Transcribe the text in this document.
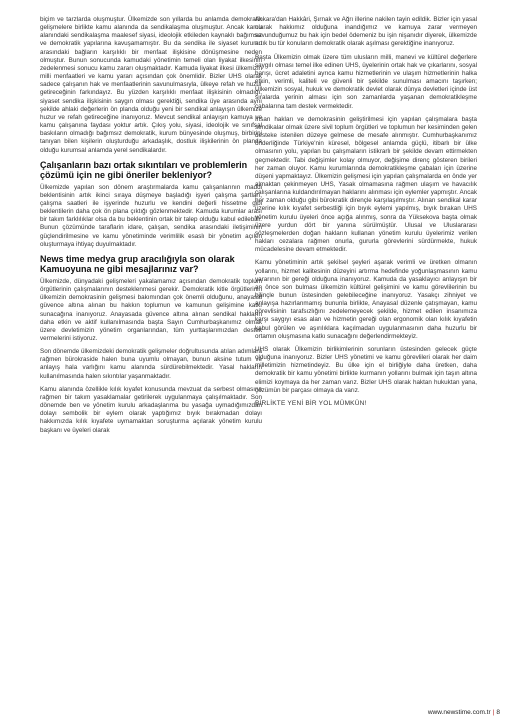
biçim ve tarzlarda oluşmuştur. Ülkemizde son yıllarda bu anlamda demokratik gelişmelere birlikte kamu alanında da sendikalaşma oluşmuştur. Ancak kamu alanındaki sendikalaşma maalesef siyasi, ideolojik etkileden kaynaklı bağımsız ve demokratik yapılarına kavuşamamıştır. Bu da sendika ile siyaset kurumu arasındaki bağların karşılıklı bir menfaat ilişkisine dönüşmesine neden olmuştur. Bunun sonucunda kamudaki yönetimin temeli olan liyakat ilkesinin zedelenmesi sonucu kamu zararı oluşmaktadır. Kamuda liyakat ilkesi ülkemizin milli menfaatleri ve kamu yararı açısından çok önemlidir. Bizler UHS olarak sadece çalışanın hak ve menfaatlerinin savunulmasıyla, ülkeye refah ve huzur getireceğinin farkındayız. Bu yüzden karşılıklı menfaat ilişkisinin olmadığı, siyaset sendika ilişkisinin saygın olması gerektiği, sendika üye arasında aynı şekilde ahlaki değerlerin ön planda olduğu yeni bir sendikal anlayışın ülkemize huzur ve refah getireceğine inanıyoruz. Mevcut sendikal anlayışın kamuya ve kamu çalışanına faydası yoktur artık. Çıkış yolu, siyasi, ideolojik ve sınıfsal baskıların olmadığı bağımsız demokratik, kurum bünyesinde oluşmuş, birbirini tanıyan bilen kişilerin oluşturduğu arkadaşlık, dostluk ilişkilerinin ön planda olduğu kurumsal anlamda yerel sendikalardır.

Çalışanların bazı ortak sıkıntıları ve problemlerin çözümü için ne gibi öneriler bekleniyor?

Ülkemizde yapılan son dönem araştırmalarda kamu çalışanlarının maddi beklentisinin artık ikinci sıraya düşmeye başladığı işyeri çalışma şartları, çalışma saatleri ile işyerinde huzurlu ve kendini değerli hissetme gibi beklentilerin daha çok ön plana çıktığı gözlenmektedir. Kamuda kurumlar arası bir takım farklılıklar olsa da bu beklentinin ortak bir talep olduğu kabul edilebilir. Bunun çözümünde taraflarin idare, çalışan, sendika arasındaki iletişiminin güçlendirilmesine ve kamu yönetiminde verimlilik esaslı bir yönetim açılen oluşturmaya ihtiyaç duyulmaktadır.

News time medya grup aracılığıyla son olarak Kamuoyuna ne gibi mesajlarınız var?

Ülkemizde, dünyadaki gelişmeleri yakalamamız açısından demokratik toplum örgütlerinin çalışmalarının desteklenmesi gerekir. Demokratik kitle örgütlerinin ülkemizin demokrasinin gelişmesi bakımından çok önemli olduğunu, anayasal güvence altına alınan bu hakkın toplumun ve kamunun gelişimine katkı sunacağına inanıyoruz. Anayasada güvence altına alınan sendikal hakların daha etkin ve aktif kullanılmasında başta Sayın Cumhurbaşkanımız olmak üzere devletimizin yönetim organlarından, tüm yurttaşlarımızdan destek vermelerini istiyoruz.

Son dönemde ülkemizdeki demokratik gelişmeler doğrultusunda atılan adımlara rağmen bürokraside halen buna uyumlu olmayan, bunun aksine tutum ve anlayış hala varlığını kamu alanında sürdürebilmektedir. Yasal hakların kullanılmasında halen sıkıntılar yaşanmaktadır.

Kamu alanında özellikle kılık kıyafet konusunda mevzuat da serbest olmasına rağmen bir takım yasaklamalar getirilerek uygulanmaya çalışılmaktadır. Son dönemde ben ve yönetim kurulu arkadaşlarıma bu yasağa uymadığımızdan dolayı sembolik bir eylem olarak yaptığımız bıyık bırakmadan dolayı hakkımızda kılık kıyafete uymamaktan soruşturma açılarak yönetim kurulu başkanı ve üyeleri olarak

Ankara'dan Hakkâri, Şırnak ve Ağrı illerine nakilen tayin edildik. Bizler için yasal olarak hakkımız olduğuna inandığımız ve kamuya zarar vermeyen savunduğumuz bu hak için bedel ödemeniz bu işin nişanıdır diyerek, ülkemizde artık bu tür konuların demokratik olarak aşılması gerektiğine inanıyoruz.

Başta Ülkemizin olmak üzere tüm ulusların milli, manevi ve kültürel değerlere saygılı olması temel ilke edinen UHS, üyelerinin ortak hak ve çıkarlarını, sosyal barışı, ücret adaletini ayrıca kamu hizmetlerinin ve ulaşım hizmetlerinin halka etkin, verimli, kaliteli ve güvenli bir şekilde sunulması amacını taşırken; Ülkemizin sosyal, hukuk ve demokratik devlet olarak dünya devletleri içinde üst sıralarda yerinin alması için son zamanlarda yaşanan demokratikleşme çabalarına tam destek vermektedir.

İnsan hakları ve demokrasinin geliştirilmesi için yapılan çalışmalara başta sendikalar olmak üzere sivil toplum örgütleri ve toplumun her kesiminden gelen desteke istenilen düzeye gelmese de mesafe alınmıştır. Cumhurbaşkanımız önderliğinde Türkiye'nin küresel, bölgesel anlamda güçlü, itibarlı bir ülke olmasının yolu, yapılan bu çalışmaların istikrarlı bir şekilde devam ettirmekten geçmektedir. Tabi değişimler kolay olmuyor, değişime direnç gösteren birileri her zaman oluyor. Kamu kurumlarında demokratikleşme çabaları için üzerine düşeni yapmaktayız. Ülkemizin gelişmesi için yapılan çalışmalarda en önde yer almaktan çekinmeyen UHS, Yasak olmamasına rağmen ulaşım ve havacılık çalışanlarına kuldandırılmayan haklarını alınması için eylemler yapmıştır. Ancak her zaman olduğu gibi bürokratik dirençle karşılaşılmıştır. Alınan sendikal karar üzerine kılık kıyafet serbestliği için bıyık eylemi yapılmış, bıyık bırakan UHS yönetim kurulu üyeleri önce açığa alınmış, sonra da Yüksekova başta olmak üzere yurdun dört bir yanına sürülmüştür. Ulusal ve Uluslararası sözleşmelerden doğan hakların kullanan yönetim kurulu üyelerimiz verilen hakları cezalara rağmen onurla, gururla görevlerini sürdürmekte, hukuk mücadelesine devam etmektedir.

Kamu yönetiminin artık şekilsel şeyleri aşarak verimli ve üretken olmanın yollarını, hizmet kalitesinin düzeyini artırma hedefinde yoğunlaşmasının kamu yararının bir gereği olduğuna inanıyoruz. Kamuda da yasaklayıcı anlayışın bir an önce son bulması ülkemizin kültürel gelişimini ve kamu görevlilerinin bu bilinçle bunun üstesinden gelebileceğine inanıyoruz. Yasakçı zihniyet ve anlayışa hazırlanmamış bununla birlikte, Anayasal düzenle çatışmayan, kamu görevlisinin tarafsızlığını zedelemeyecek şekilde, hizmet edilen insanımıza karşı saygıyı esas alan ve hizmetin gereği olan ergonomik olan kılık kıyafetin kabul görülen ve aşırılıklara kaçılmadan uygulanmasının daha huzurlu bir ortamın oluşmasına katkı sunacağını değerlendirmekteyiz.

UHS olarak Ülkemizin birlikimlerinin sorunların üstesinden gelecek güçte olduğuna inanıyoruz. Bizler UHS yönetimi ve kamu görevlileri olarak her daim milletimizin hizmetindeyiz. Bu ülke için el birliğiyle daha üretken, daha demokratik bir kamu yönetimi birlikte kurmanın yollarını bulmak için taşın altına elimizi koymaya da her zaman varız. Bizler UHS olarak haktan hukuktan yana, çözümün bir parçası olmaya da varız.

BİRLİKTE YENİ BİR YOL MÜMKÜN!
www.newstime.com.tr | 8
